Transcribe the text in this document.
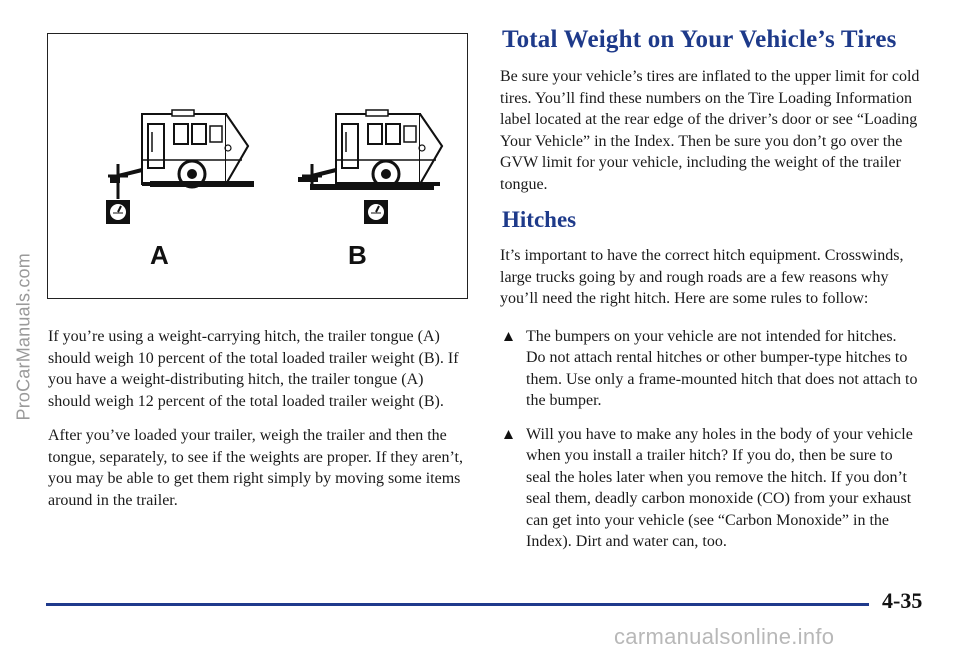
ProCarManuals.com	A	B

If you’re using a weight-carrying hitch, the trailer tongue (A) should weigh 10 percent of the total loaded trailer weight (B). If you have a weight-distributing hitch, the trailer tongue (A) should weigh 12 percent of the total loaded trailer weight (B).

After you’ve loaded your trailer, weigh the trailer and then the tongue, separately, to see if the weights are proper. If they aren’t, you may be able to get them right simply by moving some items around in the trailer.

Total Weight on Your Vehicle’s Tires

Be sure your vehicle’s tires are inflated to the upper limit for cold tires. You’ll find these numbers on the Tire Loading Information label located at the rear edge of the driver’s door or see “Loading Your Vehicle” in the Index. Then be sure you don’t go over the GVW limit for your vehicle, including the weight of the trailer tongue.

Hitches

It’s important to have the correct hitch equipment. Crosswinds, large trucks going by and rough roads are a few reasons why you’ll need the right hitch. Here are some rules to follow:

The bumpers on your vehicle are not intended for hitches. Do not attach rental hitches or other bumper-type hitches to them. Use only a frame-mounted hitch that does not attach to the bumper.
Will you have to make any holes in the body of your vehicle when you install a trailer hitch? If you do, then be sure to seal the holes later when you remove the hitch. If you don’t seal them, deadly carbon monoxide (CO) from your exhaust can get into your vehicle (see “Carbon Monoxide” in the Index). Dirt and water can, too.
4-35
carmanualsonline.info
